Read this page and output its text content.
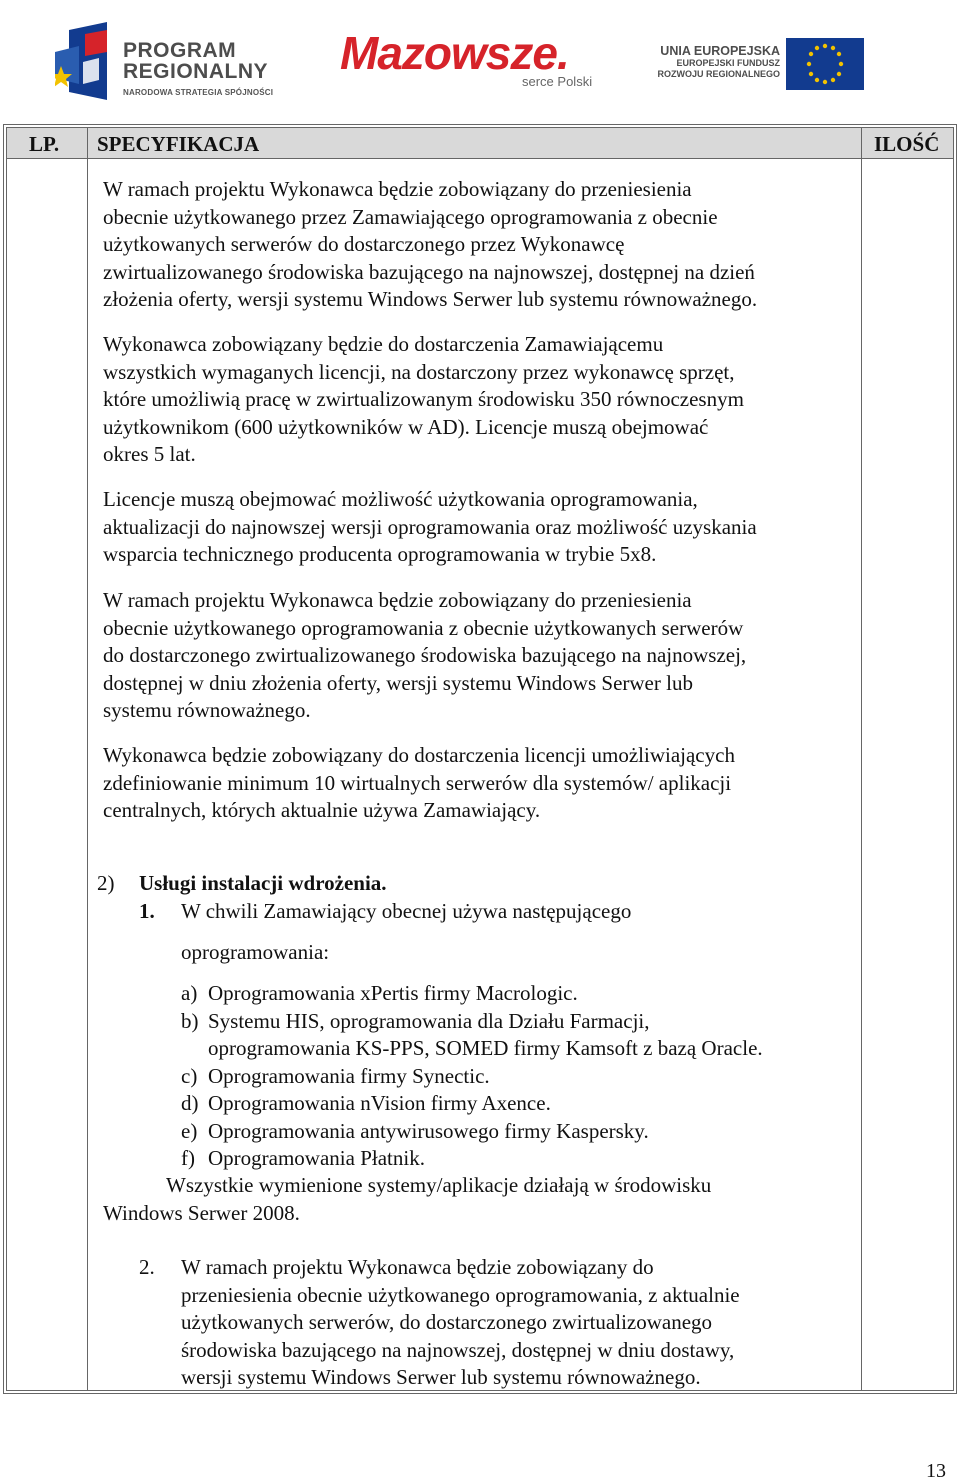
PROGRAM
REGIONALNY
NARODOWA STRATEGIA SPÓJNOŚCI
Mazowsze.
serce Polski
UNIA EUROPEJSKA
EUROPEJSKI FUNDUSZ
ROZWOJU REGIONALNEGO
LP. SPECYFIKACJA	ILOŚĆ

W ramach projektu Wykonawca będzie zobowiązany do przeniesienia
obecnie użytkowanego przez Zamawiającego oprogramowania z obecnie
użytkowanych serwerów do dostarczonego przez Wykonawcę
zwirtualizowanego środowiska bazującego na najnowszej, dostępnej na dzień
złożenia oferty, wersji systemu Windows Serwer lub systemu równoważnego.

Wykonawca zobowiązany będzie do dostarczenia Zamawiającemu
wszystkich wymaganych licencji, na dostarczony przez wykonawcę sprzęt,
które umożliwią pracę w zwirtualizowanym środowisku 350 równoczesnym
użytkownikom (600 użytkowników w AD). Licencje muszą obejmować
okres 5 lat.

Licencje muszą obejmować możliwość użytkowania oprogramowania,
aktualizacji do najnowszej wersji oprogramowania oraz możliwość uzyskania
wsparcia technicznego producenta oprogramowania w trybie 5x8.

W ramach projektu Wykonawca będzie zobowiązany do przeniesienia
obecnie użytkowanego oprogramowania z obecnie użytkowanych serwerów
do dostarczonego zwirtualizowanego środowiska bazującego na najnowszej,
dostępnej w dniu złożenia oferty, wersji systemu Windows Serwer lub
systemu równoważnego.

Wykonawca będzie zobowiązany do dostarczenia licencji umożliwiających
zdefiniowanie minimum 10 wirtualnych serwerów dla systemów/ aplikacji
centralnych, których aktualnie używa Zamawiający.

2) Usługi instalacji wdrożenia.
1. W chwili Zamawiający obecnej używa następującego
oprogramowania:
a) Oprogramowania xPertis firmy Macrologic.
b) Systemu HIS, oprogramowania dla Działu Farmacji,
oprogramowania KS-PPS, SOMED firmy Kamsoft z bazą Oracle.
c) Oprogramowania firmy Synectic.
d) Oprogramowania nVision firmy Axence.
e) Oprogramowania antywirusowego firmy Kaspersky.
f) Oprogramowania Płatnik.
Wszystkie wymienione systemy/aplikacje działają w środowisku
Windows Serwer 2008.
2. W ramach projektu Wykonawca będzie zobowiązany do
przeniesienia obecnie użytkowanego oprogramowania, z aktualnie
użytkowanych serwerów, do dostarczonego zwirtualizowanego
środowiska bazującego na najnowszej, dostępnej w dniu dostawy,
wersji systemu Windows Serwer lub systemu równoważnego.

13
